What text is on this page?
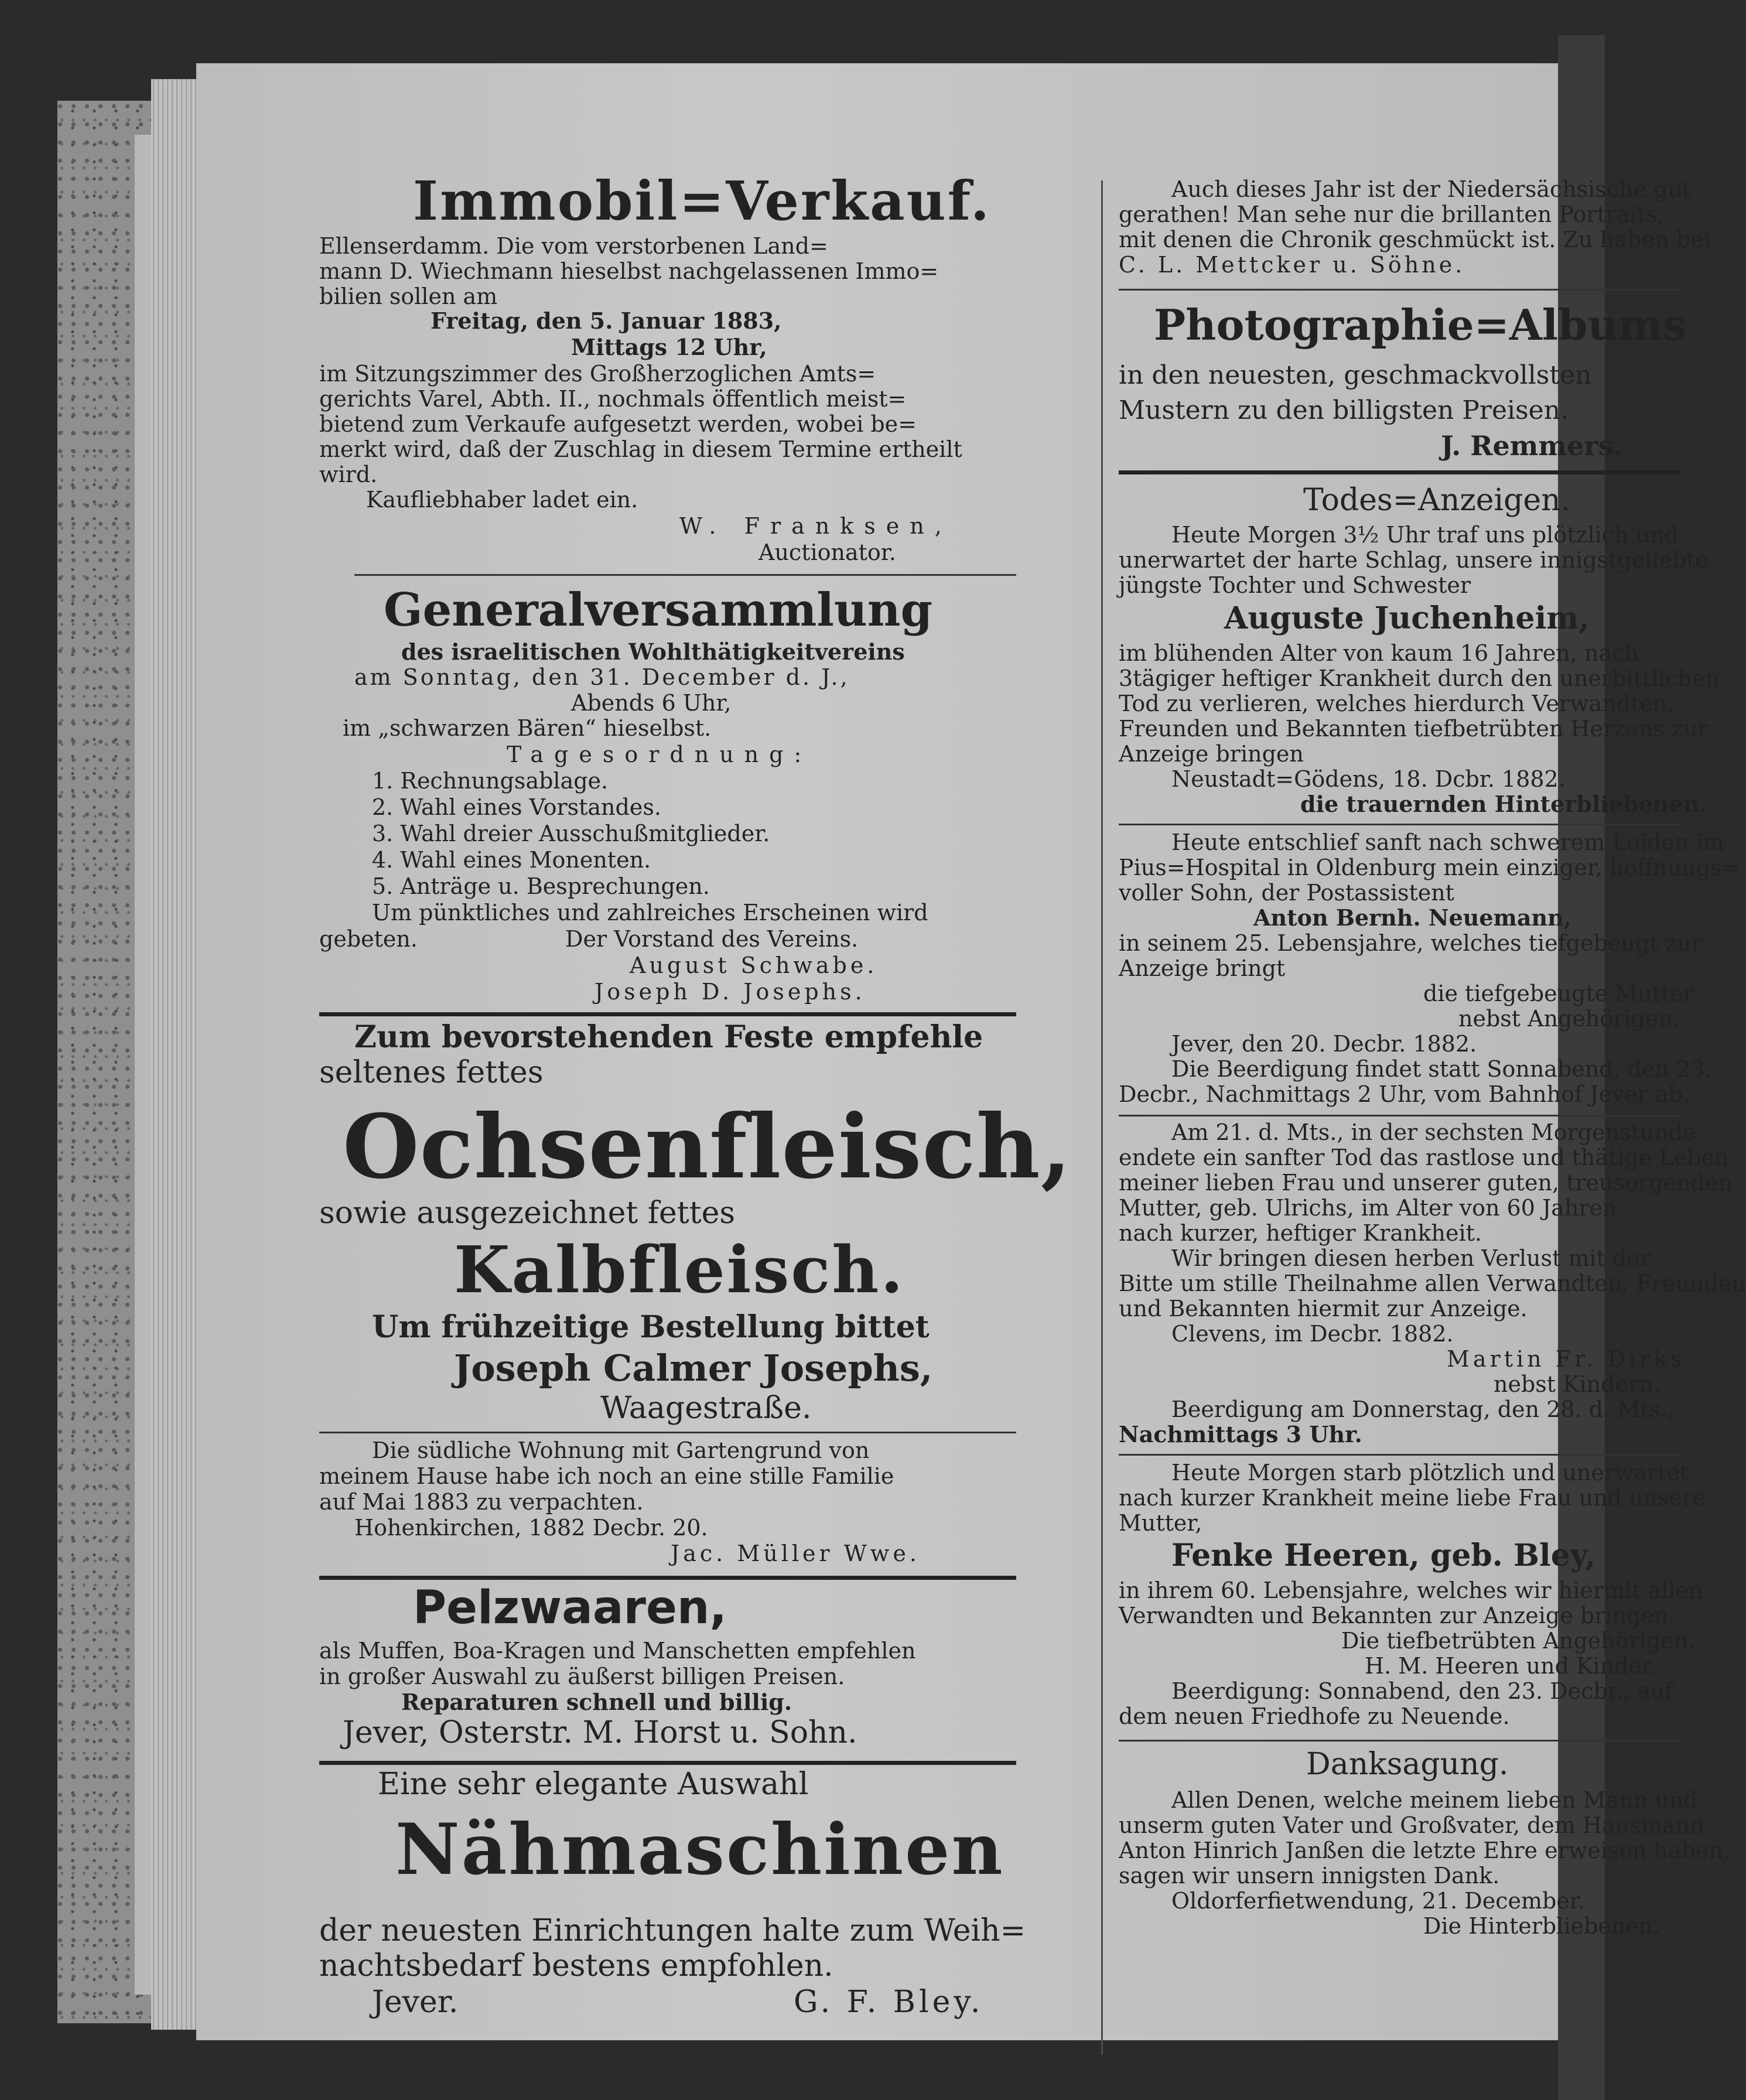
Immobil=Verkauf.
Ellenserdamm. Die vom verstorbenen Land=
mann D. Wiechmann hieselbst nachgelassenen Immo=
bilien sollen am
Freitag, den 5. Januar 1883,
Mittags 12 Uhr,
im Sitzungszimmer des Großherzoglichen Amts=
gerichts Varel, Abth. II., nochmals öffentlich meist=
bietend zum Verkaufe aufgesetzt werden, wobei be=
merkt wird, daß der Zuschlag in diesem Termine ertheilt
wird.
Kaufliebhaber ladet ein.
W. Franksen,
Auctionator.
Generalversammlung
des israelitischen Wohlthätigkeitvereins
am Sonntag, den 31. December d. J.,
Abends 6 Uhr,
im „schwarzen Bären“ hieselbst.
Tagesordnung:
1. Rechnungsablage.
2. Wahl eines Vorstandes.
3. Wahl dreier Ausschußmitglieder.
4. Wahl eines Monenten.
5. Anträge u. Besprechungen.
Um pünktliches und zahlreiches Erscheinen wird
gebeten.	Der Vorstand des Vereins.
August Schwabe.
Joseph D. Josephs.
Zum bevorstehenden Feste empfehle
seltenes fettes
Ochsenfleisch,
sowie ausgezeichnet fettes
Kalbfleisch.
Um frühzeitige Bestellung bittet
Joseph Calmer Josephs,
Waagestraße.
Die südliche Wohnung mit Gartengrund von
meinem Hause habe ich noch an eine stille Familie
auf Mai 1883 zu verpachten.
Hohenkirchen, 1882 Decbr. 20.
Jac. Müller Wwe.
Pelzwaaren,
als Muffen, Boa-Kragen und Manschetten empfehlen
in großer Auswahl zu äußerst billigen Preisen.
Reparaturen schnell und billig.
Jever, Osterstr. M. Horst u. Sohn.
Eine sehr elegante Auswahl
Nähmaschinen
der neuesten Einrichtungen halte zum Weih=
nachtsbedarf bestens empfohlen.
Jever.	G. F. Bley.
Auch dieses Jahr ist der Niedersächsische gut
gerathen! Man sehe nur die brillanten Portraits,
mit denen die Chronik geschmückt ist. Zu haben bei
C. L. Mettcker u. Söhne.
Photographie=Albums
in den neuesten, geschmackvollsten
Mustern zu den billigsten Preisen.
J. Remmers.
Todes=Anzeigen.
Heute Morgen 3½ Uhr traf uns plötzlich und
unerwartet der harte Schlag, unsere innigstgeliebte
jüngste Tochter und Schwester
Auguste Juchenheim,
im blühenden Alter von kaum 16 Jahren, nach
3tägiger heftiger Krankheit durch den unerbittlichen
Tod zu verlieren, welches hierdurch Verwandten,
Freunden und Bekannten tiefbetrübten Herzens zur
Anzeige bringen
Neustadt=Gödens, 18. Dcbr. 1882.
die trauernden Hinterbliebenen.
Heute entschlief sanft nach schwerem Leiden im
Pius=Hospital in Oldenburg mein einziger, hoffnungs=
voller Sohn, der Postassistent
Anton Bernh. Neuemann,
in seinem 25. Lebensjahre, welches tiefgebeugt zur
Anzeige bringt
die tiefgebeugte Mutter
nebst Angehörigen.
Jever, den 20. Decbr. 1882.
Die Beerdigung findet statt Sonnabend, den 23.
Decbr., Nachmittags 2 Uhr, vom Bahnhof Jever ab.
Am 21. d. Mts., in der sechsten Morgenstunde
endete ein sanfter Tod das rastlose und thätige Leben
meiner lieben Frau und unserer guten, treusorgenden
Mutter, geb. Ulrichs, im Alter von 60 Jahren
nach kurzer, heftiger Krankheit.
Wir bringen diesen herben Verlust mit der
Bitte um stille Theilnahme allen Verwandten, Freunden
und Bekannten hiermit zur Anzeige.
Clevens, im Decbr. 1882.
Martin Fr. Dirks
nebst Kindern.
Beerdigung am Donnerstag, den 28. d. Mts.,
Nachmittags 3 Uhr.
Heute Morgen starb plötzlich und unerwartet
nach kurzer Krankheit meine liebe Frau und unsere
Mutter,
Fenke Heeren, geb. Bley,
in ihrem 60. Lebensjahre, welches wir hiermit allen
Verwandten und Bekannten zur Anzeige bringen.
Die tiefbetrübten Angehörigen.
H. M. Heeren und Kinder.
Beerdigung: Sonnabend, den 23. Decbr., auf
dem neuen Friedhofe zu Neuende.
Danksagung.
Allen Denen, welche meinem lieben Mann und
unserm guten Vater und Großvater, dem Hausmann
Anton Hinrich Janßen die letzte Ehre erweisen haben,
sagen wir unsern innigsten Dank.
Oldorferfietwendung, 21. December.
Die Hinterbliebenen.
